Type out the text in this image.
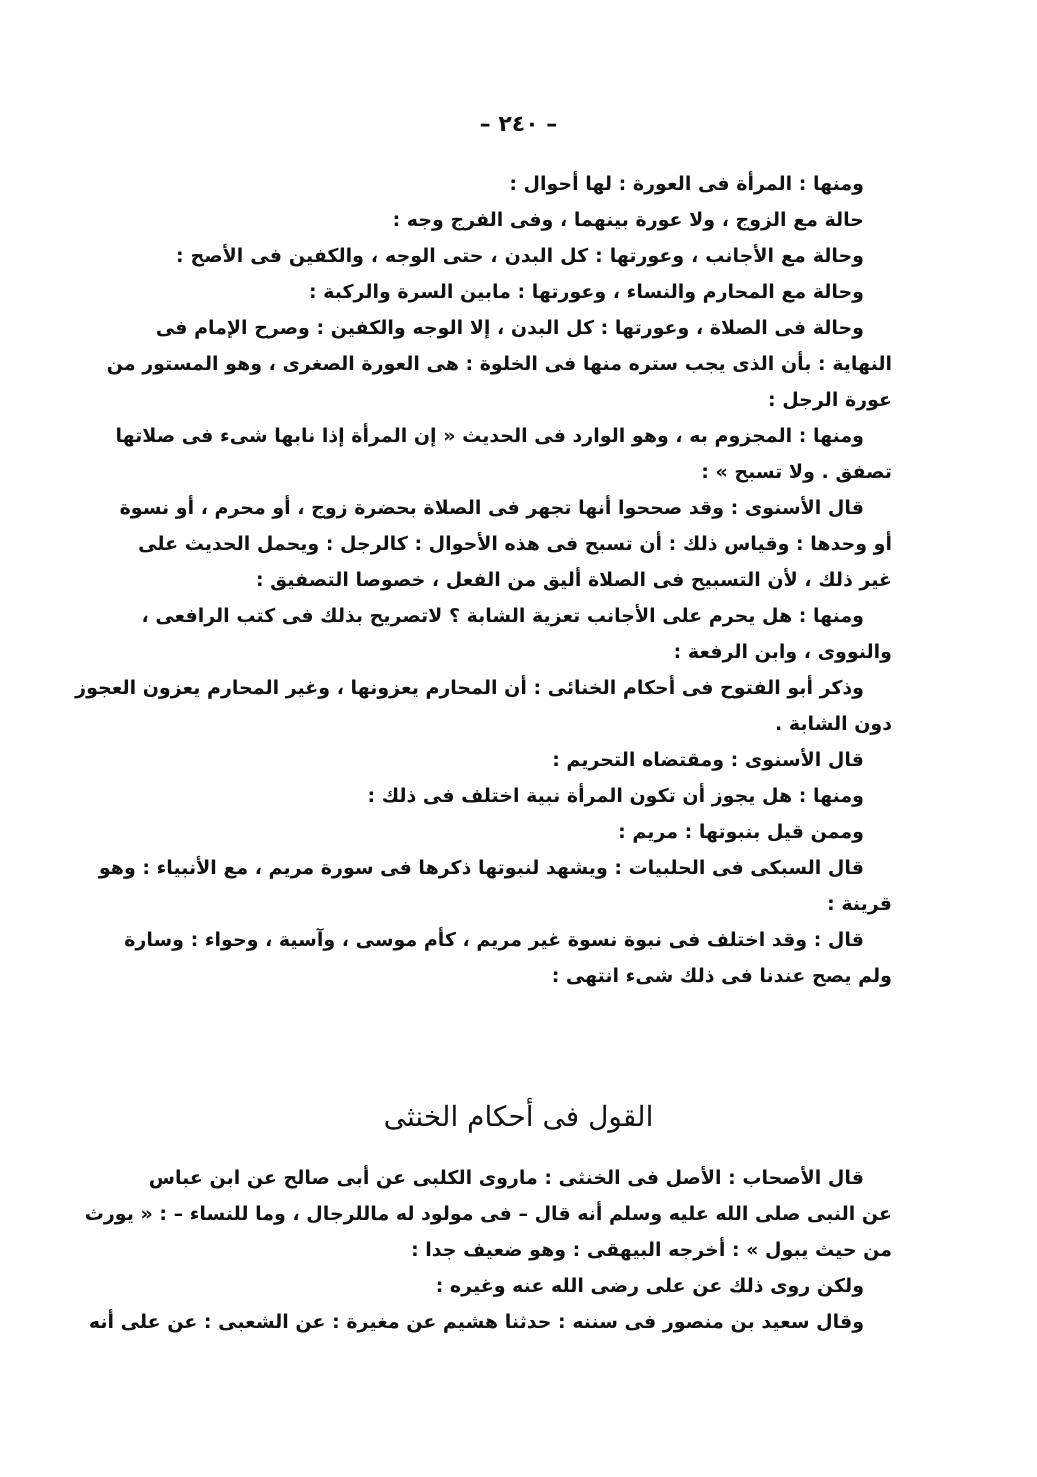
– ٢٤٠ –
ومنها : المرأة فى العورة : لها أحوال :
حالة مع الزوج ، ولا عورة بينهما ، وفى الفرج وجه :
وحالة مع الأجانب ، وعورتها : كل البدن ، حتى الوجه ، والكفين فى الأصح :
وحالة مع المحارم والنساء ، وعورتها : مابين السرة والركبة :
وحالة فى الصلاة ، وعورتها : كل البدن ، إلا الوجه والكفين : وصرح الإمام فى
النهاية : بأن الذى يجب ستره منها فى الخلوة : هى العورة الصغرى ، وهو المستور من
عورة الرجل :
ومنها : المجزوم به ، وهو الوارد فى الحديث « إن المرأة إذا نابها شىء فى صلاتها
تصفق . ولا تسبح » :
قال الأسنوى : وقد صححوا أنها تجهر فى الصلاة بحضرة زوج ، أو محرم ، أو نسوة
أو وحدها : وقياس ذلك : أن تسبح فى هذه الأحوال : كالرجل : ويحمل الحديث على
غير ذلك ، لأن التسبيح فى الصلاة أليق من الفعل ، خصوصا التصفيق :
ومنها : هل يحرم على الأجانب تعزية الشابة ؟ لاتصريح بذلك فى كتب الرافعى ،
والنووى ، وابن الرفعة :
وذكر أبو الفتوح فى أحكام الخنائى : أن المحارم يعزونها ، وغير المحارم يعزون العجوز
دون الشابة .
قال الأسنوى : ومقتضاه التحريم :
ومنها : هل يجوز أن تكون المرأة نبية اختلف فى ذلك :
وممن قيل بنبوتها : مريم :
قال السبكى فى الحلبيات : ويشهد لنبوتها ذكرها فى سورة مريم ، مع الأنبياء : وهو
قرينة :
قال : وقد اختلف فى نبوة نسوة غير مريم ، كأم موسى ، وآسية ، وحواء : وسارة
ولم يصح عندنا فى ذلك شىء انتهى :
القول فى أحكام الخنثى
قال الأصحاب : الأصل فى الخنثى : ماروى الكلبى عن أبى صالح عن ابن عباس
عن النبى صلى الله عليه وسلم أنه قال – فى مولود له ماللرجال ، وما للنساء – : « يورث
من حيث يبول » : أخرجه البيهقى : وهو ضعيف جدا :
ولكن روى ذلك عن على رضى الله عنه وغيره :
وقال سعيد بن منصور فى سننه : حدثنا هشيم عن مغيرة : عن الشعبى : عن على أنه
